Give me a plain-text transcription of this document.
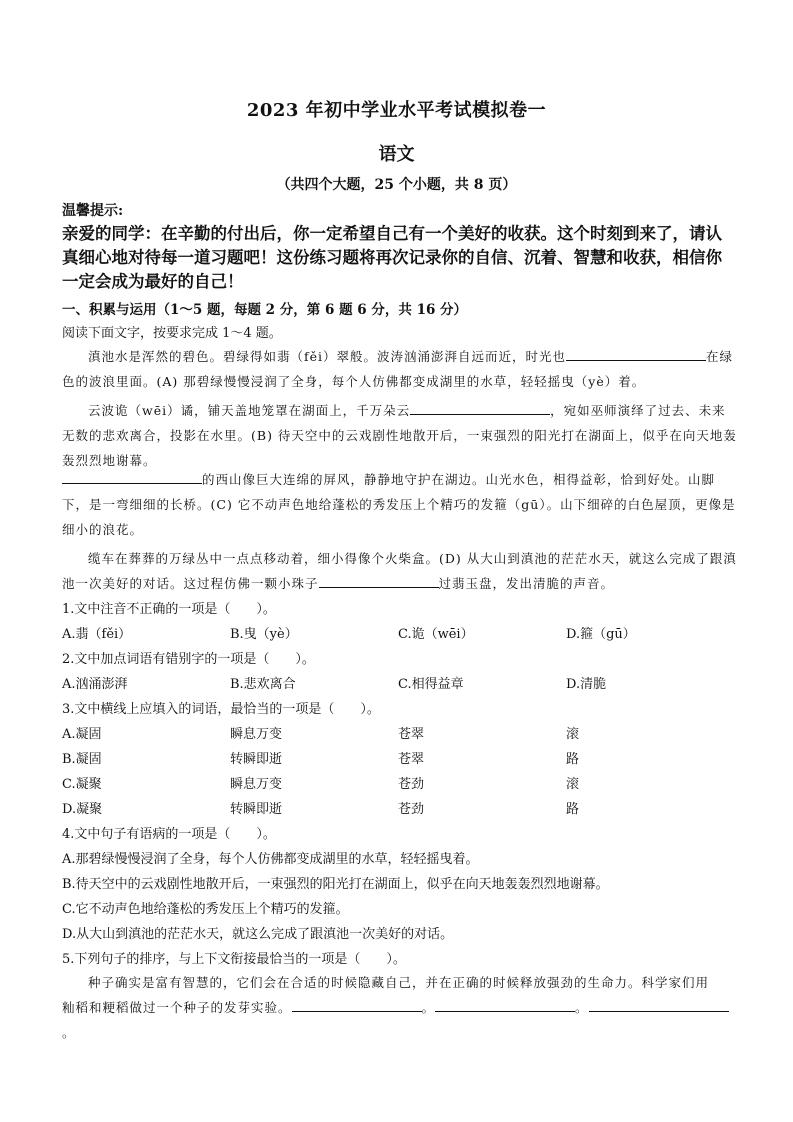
2023 年初中学业水平考试模拟卷一
语文
（共四个大题，25 个小题，共 8 页）
温馨提示:
亲爱的同学：在辛勤的付出后，你一定希望自己有一个美好的收获。这个时刻到来了，请认真细心地对待每一道习题吧！这份练习题将再次记录你的自信、沉着、智慧和收获，相信你一定会成为最好的自己！
一、积累与运用（1～5 题，每题 2 分，第 6 题 6 分，共 16 分）
阅读下面文字，按要求完成 1～4 题。
滇池水是浑然的碧色。碧绿得如翡（fěi）翠般。波涛汹涌澎湃自远而近，时光也	在绿色的波浪里面。(A) 那碧绿慢慢浸润了全身，每个人仿佛都变成湖里的水草，轻轻摇曳（yè）着。
云波诡（wēi）谲，铺天盖地笼罩在湖面上，千万朵云	，宛如巫师演绎了过去、未来无数的悲欢离合，投影在水里。(B) 待天空中的云戏剧性地散开后，一束强烈的阳光打在湖面上，似乎在向天地轰轰烈烈地谢幕。
的西山像巨大连绵的屏风，静静地守护在湖边。山光水色，相得益彰，恰到好处。山脚下，是一弯细细的长桥。(C) 它不动声色地给蓬松的秀发压上个精巧的发箍（gū）。山下细碎的白色屋顶，更像是细小的浪花。
缆车在葬葬的万绿丛中一点点移动着，细小得像个火柴盒。(D) 从大山到滇池的茫茫水天，就这么完成了跟滇池一次美好的对话。这过程仿佛一颗小珠子	过翡玉盘，发出清脆的声音。
1.文中注音不正确的一项是（　　）。
A.翡（fěi）	B.曳（yè）	C.诡（wēi）	D.箍（gū）
2.文中加点词语有错别字的一项是（　　）。
A.汹涌澎湃	B.悲欢离合	C.相得益章	D.清脆
3.文中横线上应填入的词语，最恰当的一项是（　　）。
A.凝固	瞬息万变	苍翠	滚
B.凝固	转瞬即逝	苍翠	路
C.凝聚	瞬息万变	苍劲	滚
D.凝聚	转瞬即逝	苍劲	路
4.文中句子有语病的一项是（　　）。
A.那碧绿慢慢浸润了全身，每个人仿佛都变成湖里的水草，轻轻摇曳着。
B.待天空中的云戏剧性地散开后，一束强烈的阳光打在湖面上，似乎在向天地轰轰烈烈地谢幕。
C.它不动声色地给蓬松的秀发压上个精巧的发箍。
D.从大山到滇池的茫茫水天，就这么完成了跟滇池一次美好的对话。
5.下列句子的排序，与上下文衔接最恰当的一项是（　　）。
种子确实是富有智慧的，它们会在合适的时候隐藏自己，并在正确的时候释放强劲的生命力。科学家们用
籼稻和粳稻做过一个种子的发芽实验。	。	。。
